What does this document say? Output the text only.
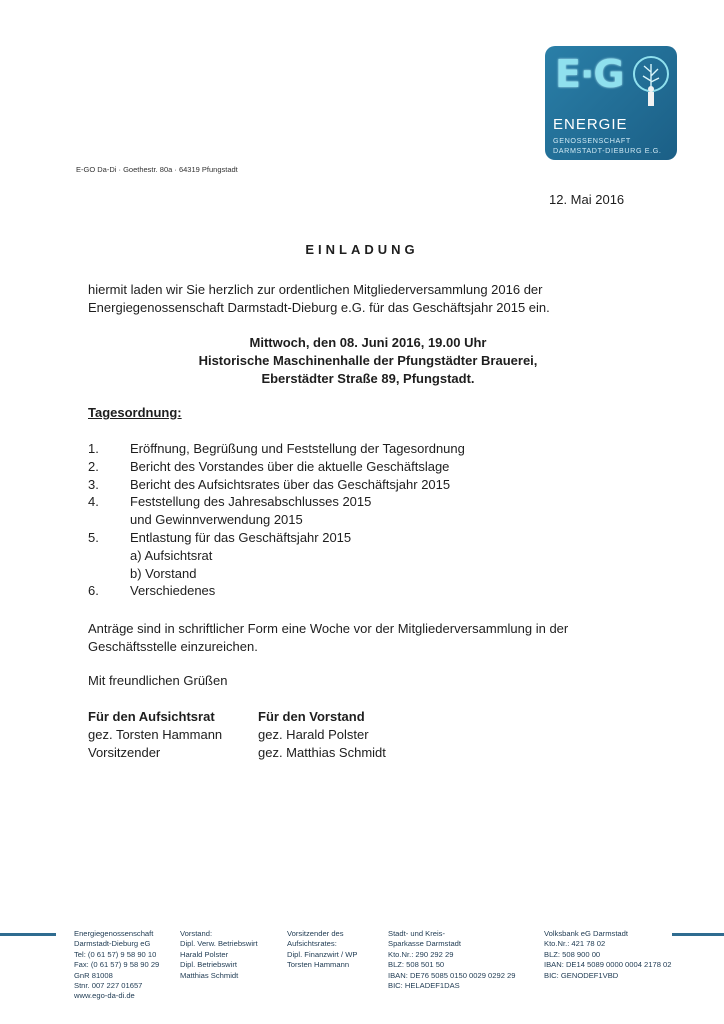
E·G
ENERGIE
GENOSSENSCHAFT
DARMSTADT-DIEBURG E.G.
E-GO Da-Di · Goethestr. 80a · 64319 Pfungstadt
12. Mai 2016
EINLADUNG
hiermit laden wir Sie herzlich zur ordentlichen Mitgliederversammlung 2016 der
Energiegenossenschaft Darmstadt-Dieburg e.G. für das Geschäftsjahr 2015 ein.
Mittwoch, den 08. Juni 2016, 19.00 Uhr
Historische Maschinenhalle der Pfungstädter Brauerei,
Eberstädter Straße 89, Pfungstadt.
Tagesordnung:
1.	Eröffnung, Begrüßung und Feststellung der Tagesordnung
2.	Bericht des Vorstandes über die aktuelle Geschäftslage
3.	Bericht des Aufsichtsrates über das Geschäftsjahr 2015
4.	Feststellung des Jahresabschlusses 2015
und Gewinnverwendung 2015
5.	Entlastung für das Geschäftsjahr 2015
a) Aufsichtsrat
b) Vorstand
6.	Verschiedenes
Anträge sind in schriftlicher Form eine Woche vor der Mitgliederversammlung in der
Geschäftsstelle einzureichen.
Mit freundlichen Grüßen
Für den Aufsichtsrat
gez. Torsten Hammann
Vorsitzender
Für den Vorstand
gez. Harald Polster
gez. Matthias Schmidt
Energiegenossenschaft
Darmstadt-Dieburg eG
Tel: (0 61 57) 9 58 90 10
Fax: (0 61 57) 9 58 90 29
GnR 81008
Stnr. 007 227 01657
www.ego-da-di.de
Vorstand:
Dipl. Verw. Betriebswirt
Harald Polster
Dipl. Betriebswirt
Matthias Schmidt
Vorsitzender des
Aufsichtsrates:
Dipl. Finanzwirt / WP
Torsten Hammann
Stadt- und Kreis-
Sparkasse Darmstadt
Kto.Nr.: 290 292 29
BLZ: 508 501 50
IBAN: DE76 5085 0150 0029 0292 29
BIC: HELADEF1DAS
Volksbank eG Darmstadt
Kto.Nr.: 421 78 02
BLZ: 508 900 00
IBAN: DE14 5089 0000 0004 2178 02
BIC: GENODEF1VBD
